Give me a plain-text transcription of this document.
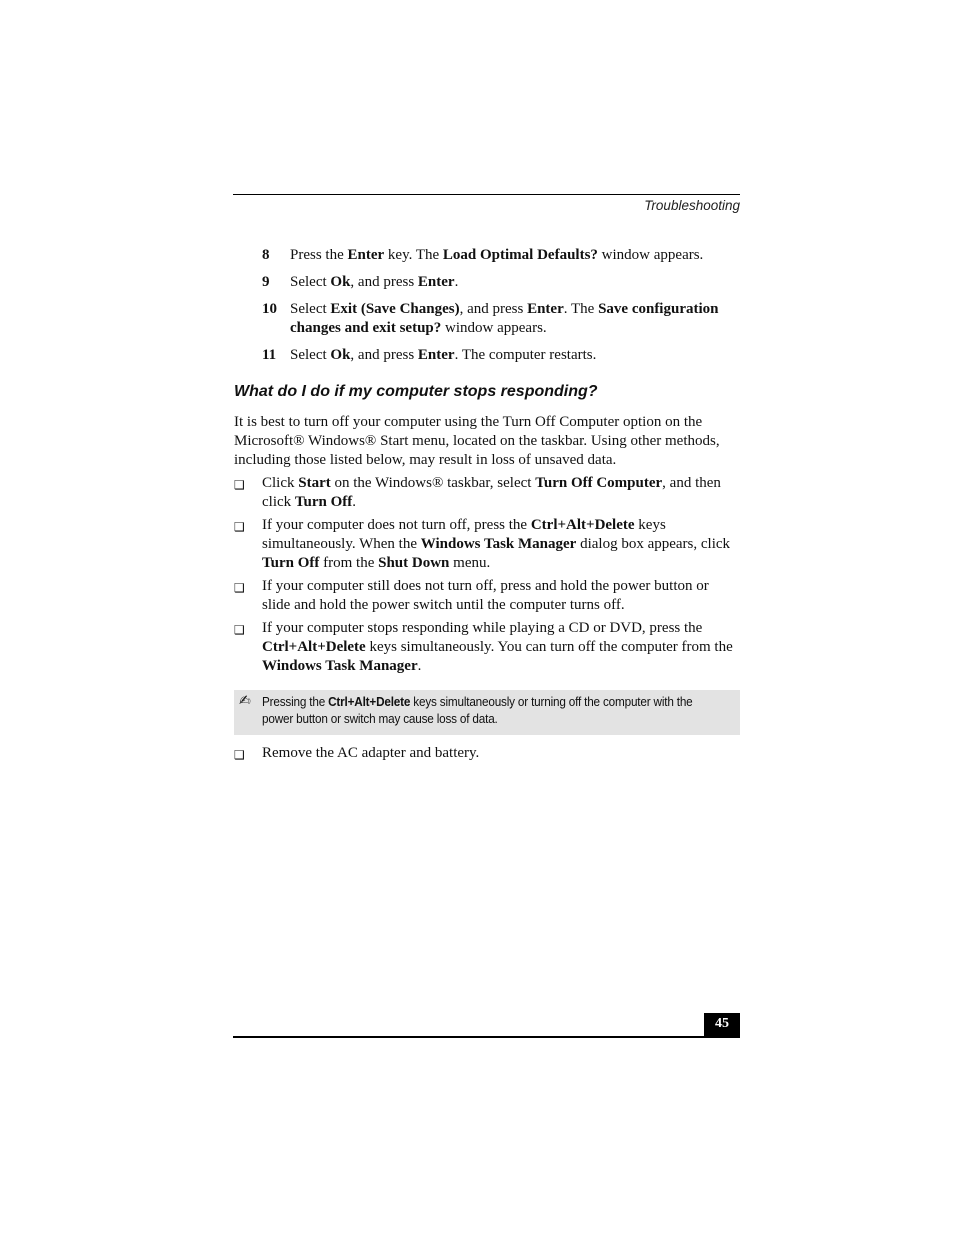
Troubleshooting
8 Press the Enter key. The Load Optimal Defaults? window appears.
9 Select Ok, and press Enter.
10 Select Exit (Save Changes), and press Enter. The Save configuration changes and exit setup? window appears.
11 Select Ok, and press Enter. The computer restarts.
What do I do if my computer stops responding?
It is best to turn off your computer using the Turn Off Computer option on the Microsoft® Windows® Start menu, located on the taskbar. Using other methods, including those listed below, may result in loss of unsaved data.
❑ Click Start on the Windows® taskbar, select Turn Off Computer, and then click Turn Off.
❑ If your computer does not turn off, press the Ctrl+Alt+Delete keys simultaneously. When the Windows Task Manager dialog box appears, click Turn Off from the Shut Down menu.
❑ If your computer still does not turn off, press and hold the power button or slide and hold the power switch until the computer turns off.
❑ If your computer stops responding while playing a CD or DVD, press the Ctrl+Alt+Delete keys simultaneously. You can turn off the computer from the Windows Task Manager.
✍ Pressing the Ctrl+Alt+Delete keys simultaneously or turning off the computer with the power button or switch may cause loss of data.
❑ Remove the AC adapter and battery.
45
